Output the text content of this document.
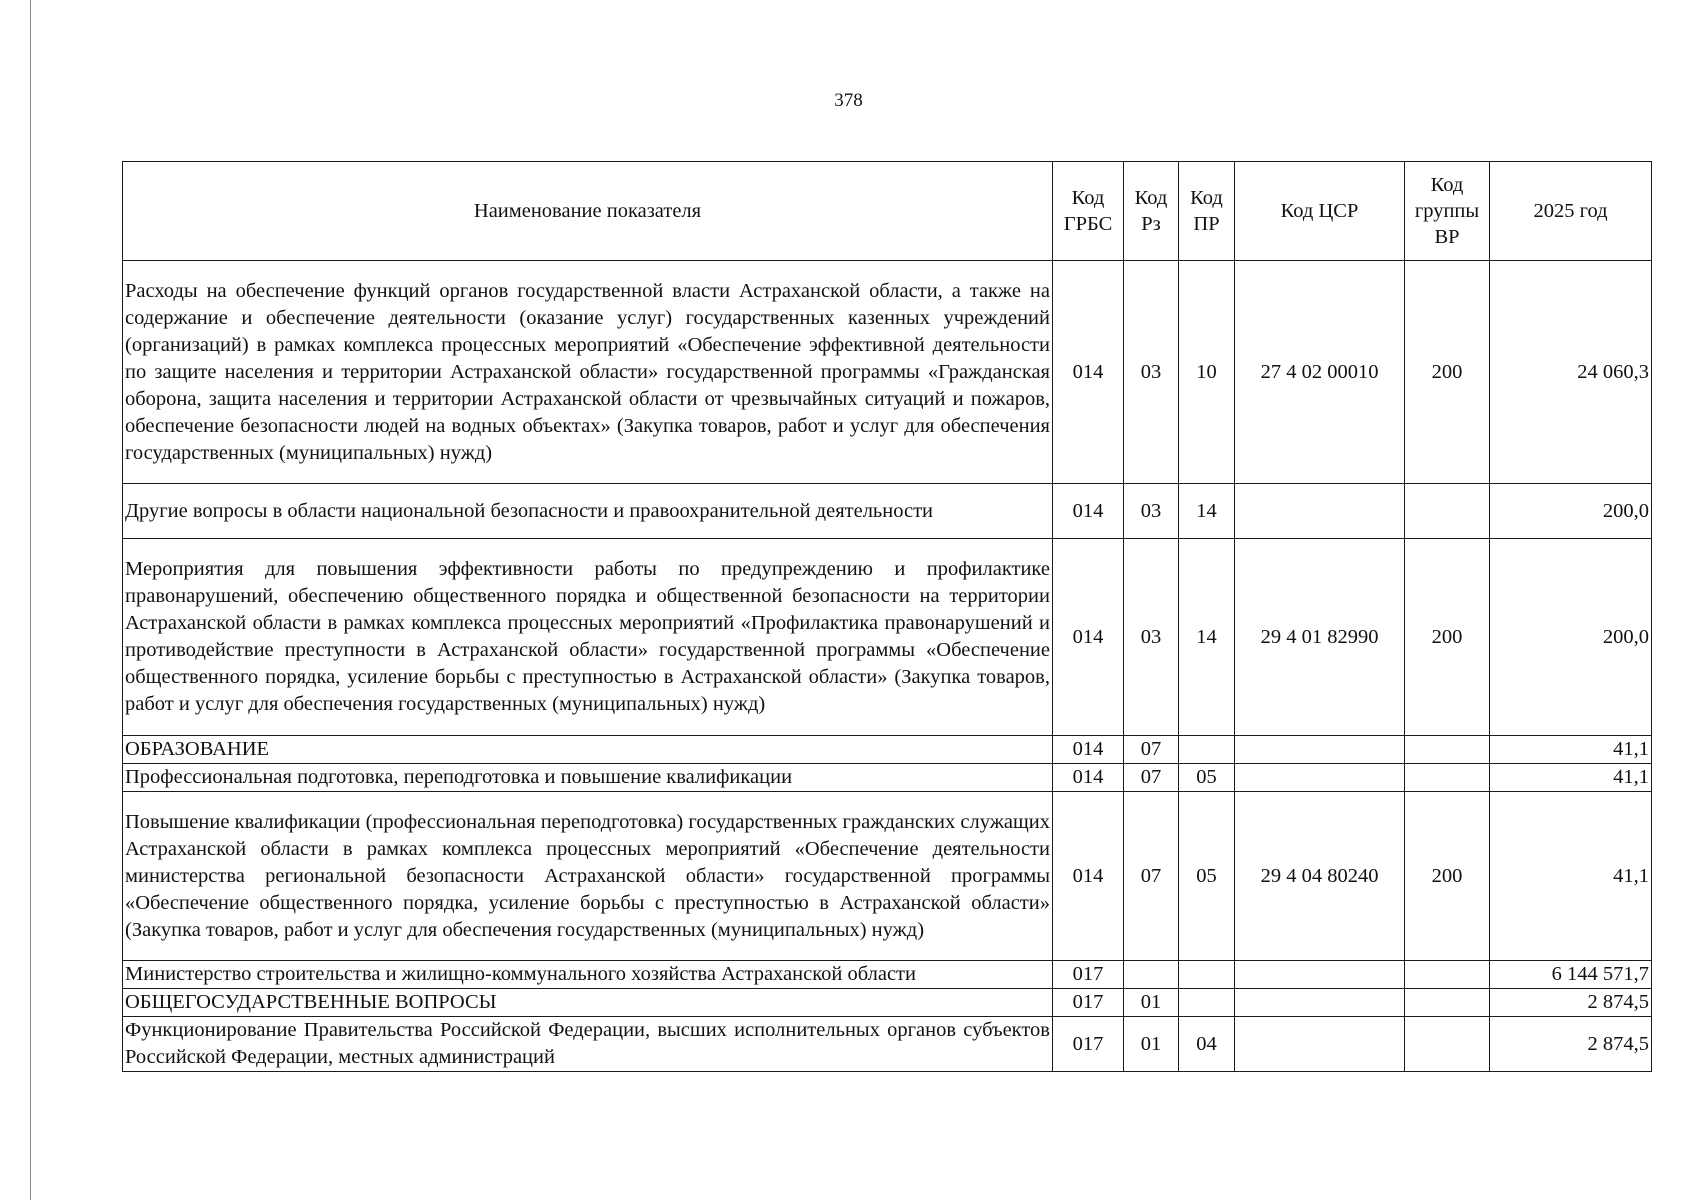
378
Наименование показателя	Код ГРБС	Код Рз	Код ПР	Код ЦСР	Код группы ВР	2025 год
Расходы на обеспечение функций органов государственной власти Астраханской области, а также на содержание и обеспечение деятельности (оказание услуг) государственных казенных учреждений (организаций) в рамках комплекса процессных мероприятий «Обеспечение эффективной деятельности по защите населения и территории Астраханской области» государственной программы «Гражданская оборона, защита населения и территории Астраханской области от чрезвычайных ситуаций и пожаров, обеспечение безопасности людей на водных объектах» (Закупка товаров, работ и услуг для обеспечения государственных (муниципальных) нужд)	014	03	10	27 4 02 00010	200	24 060,3
Другие вопросы в области национальной безопасности и правоохранительной деятельности	014	03	14			200,0
Мероприятия для повышения эффективности работы по предупреждению и профилактике правонарушений, обеспечению общественного порядка и общественной безопасности на территории Астраханской области в рамках комплекса процессных мероприятий «Профилактика правонарушений и противодействие преступности в Астраханской области» государственной программы «Обеспечение общественного порядка, усиление борьбы с преступностью в Астраханской области» (Закупка товаров, работ и услуг для обеспечения государственных (муниципальных) нужд)	014	03	14	29 4 01 82990	200	200,0
ОБРАЗОВАНИЕ	014	07				41,1
Профессиональная подготовка, переподготовка и повышение квалификации	014	07	05			41,1
Повышение квалификации (профессиональная переподготовка) государственных гражданских служащих Астраханской области в рамках комплекса процессных мероприятий «Обеспечение деятельности министерства региональной безопасности Астраханской области» государственной программы «Обеспечение общественного порядка, усиление борьбы с преступностью в Астраханской области» (Закупка товаров, работ и услуг для обеспечения государственных (муниципальных) нужд)	014	07	05	29 4 04 80240	200	41,1
Министерство строительства и жилищно-коммунального хозяйства Астраханской области	017					6 144 571,7
ОБЩЕГОСУДАРСТВЕННЫЕ ВОПРОСЫ	017	01				2 874,5
Функционирование Правительства Российской Федерации, высших исполнительных органов субъектов Российской Федерации, местных администраций	017	01	04			2 874,5
